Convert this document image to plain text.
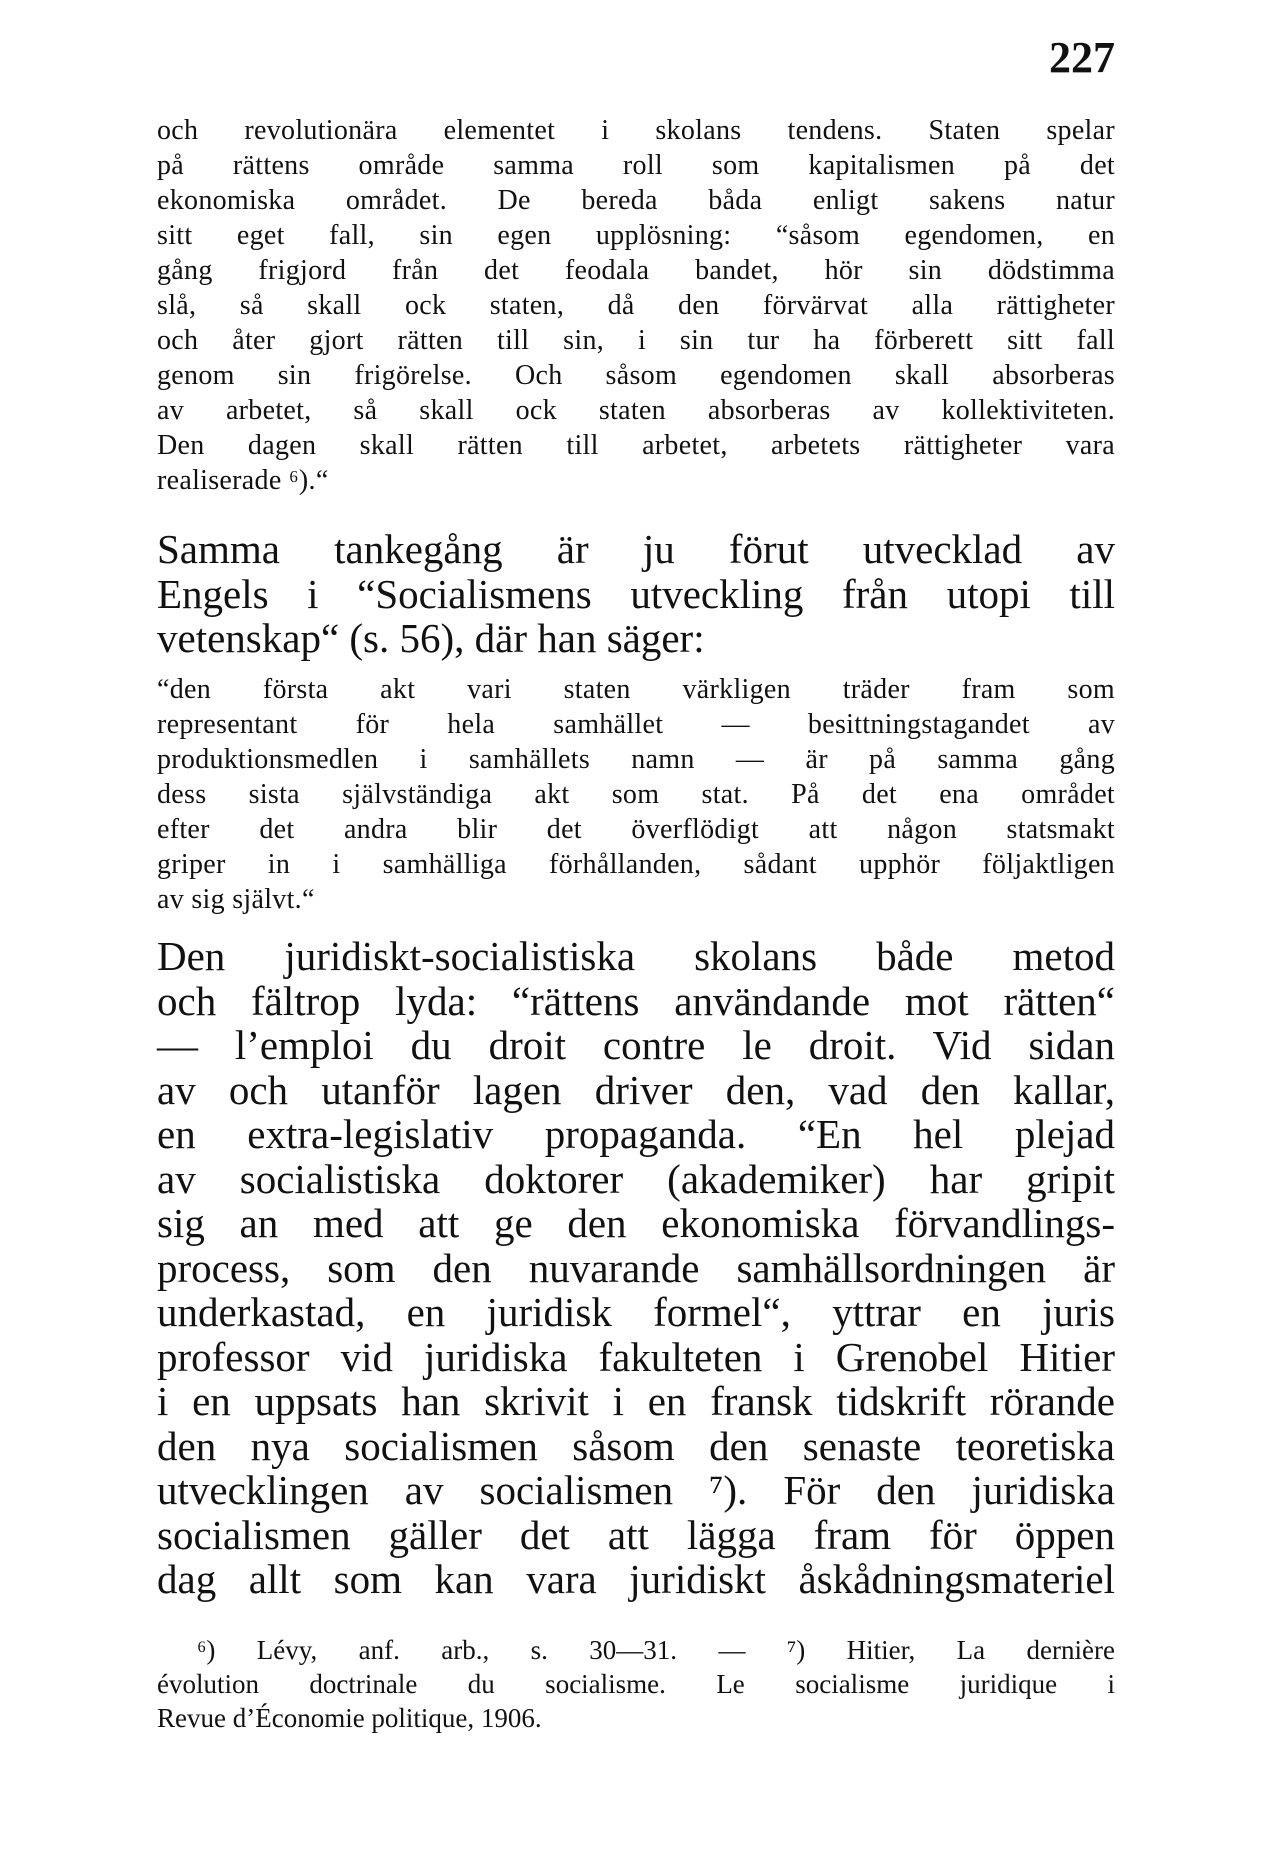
227
och revolutionära elementet i skolans tendens. Staten spelar
på rättens område samma roll som kapitalismen på det
ekonomiska området. De bereda båda enligt sakens natur
sitt eget fall, sin egen upplösning: “såsom egendomen, en
gång frigjord från det feodala bandet, hör sin dödstimma
slå, så skall ock staten, då den förvärvat alla rättigheter
och åter gjort rätten till sin, i sin tur ha förberett sitt fall
genom sin frigörelse. Och såsom egendomen skall absorberas
av arbetet, så skall ock staten absorberas av kollektiviteten.
Den dagen skall rätten till arbetet, arbetets rättigheter vara
realiserade ⁶).“
Samma tankegång är ju förut utvecklad av
Engels i “Socialismens utveckling från utopi till
vetenskap“ (s. 56), där han säger:
“den första akt vari staten värkligen träder fram som
representant för hela samhället — besittningstagandet av
produktionsmedlen i samhällets namn — är på samma gång
dess sista självständiga akt som stat. På det ena området
efter det andra blir det överflödigt att någon statsmakt
griper in i samhälliga förhållanden, sådant upphör följaktligen
av sig självt.“
Den juridiskt-socialistiska skolans både metod
och fältrop lyda: “rättens användande mot rätten“
— l’emploi du droit contre le droit. Vid sidan
av och utanför lagen driver den, vad den kallar,
en extra-legislativ propaganda. “En hel plejad
av socialistiska doktorer (akademiker) har gripit
sig an med att ge den ekonomiska förvandlings-
process, som den nuvarande samhällsordningen är
underkastad, en juridisk formel“, yttrar en juris
professor vid juridiska fakulteten i Grenobel Hitier
i en uppsats han skrivit i en fransk tidskrift rörande
den nya socialismen såsom den senaste teoretiska
utvecklingen av socialismen ⁷). För den juridiska
socialismen gäller det att lägga fram för öppen
dag allt som kan vara juridiskt åskådningsmateriel
⁶) Lévy, anf. arb., s. 30—31. — ⁷) Hitier, La dernière
évolution doctrinale du socialisme. Le socialisme juridique i
Revue d’Économie politique, 1906.
